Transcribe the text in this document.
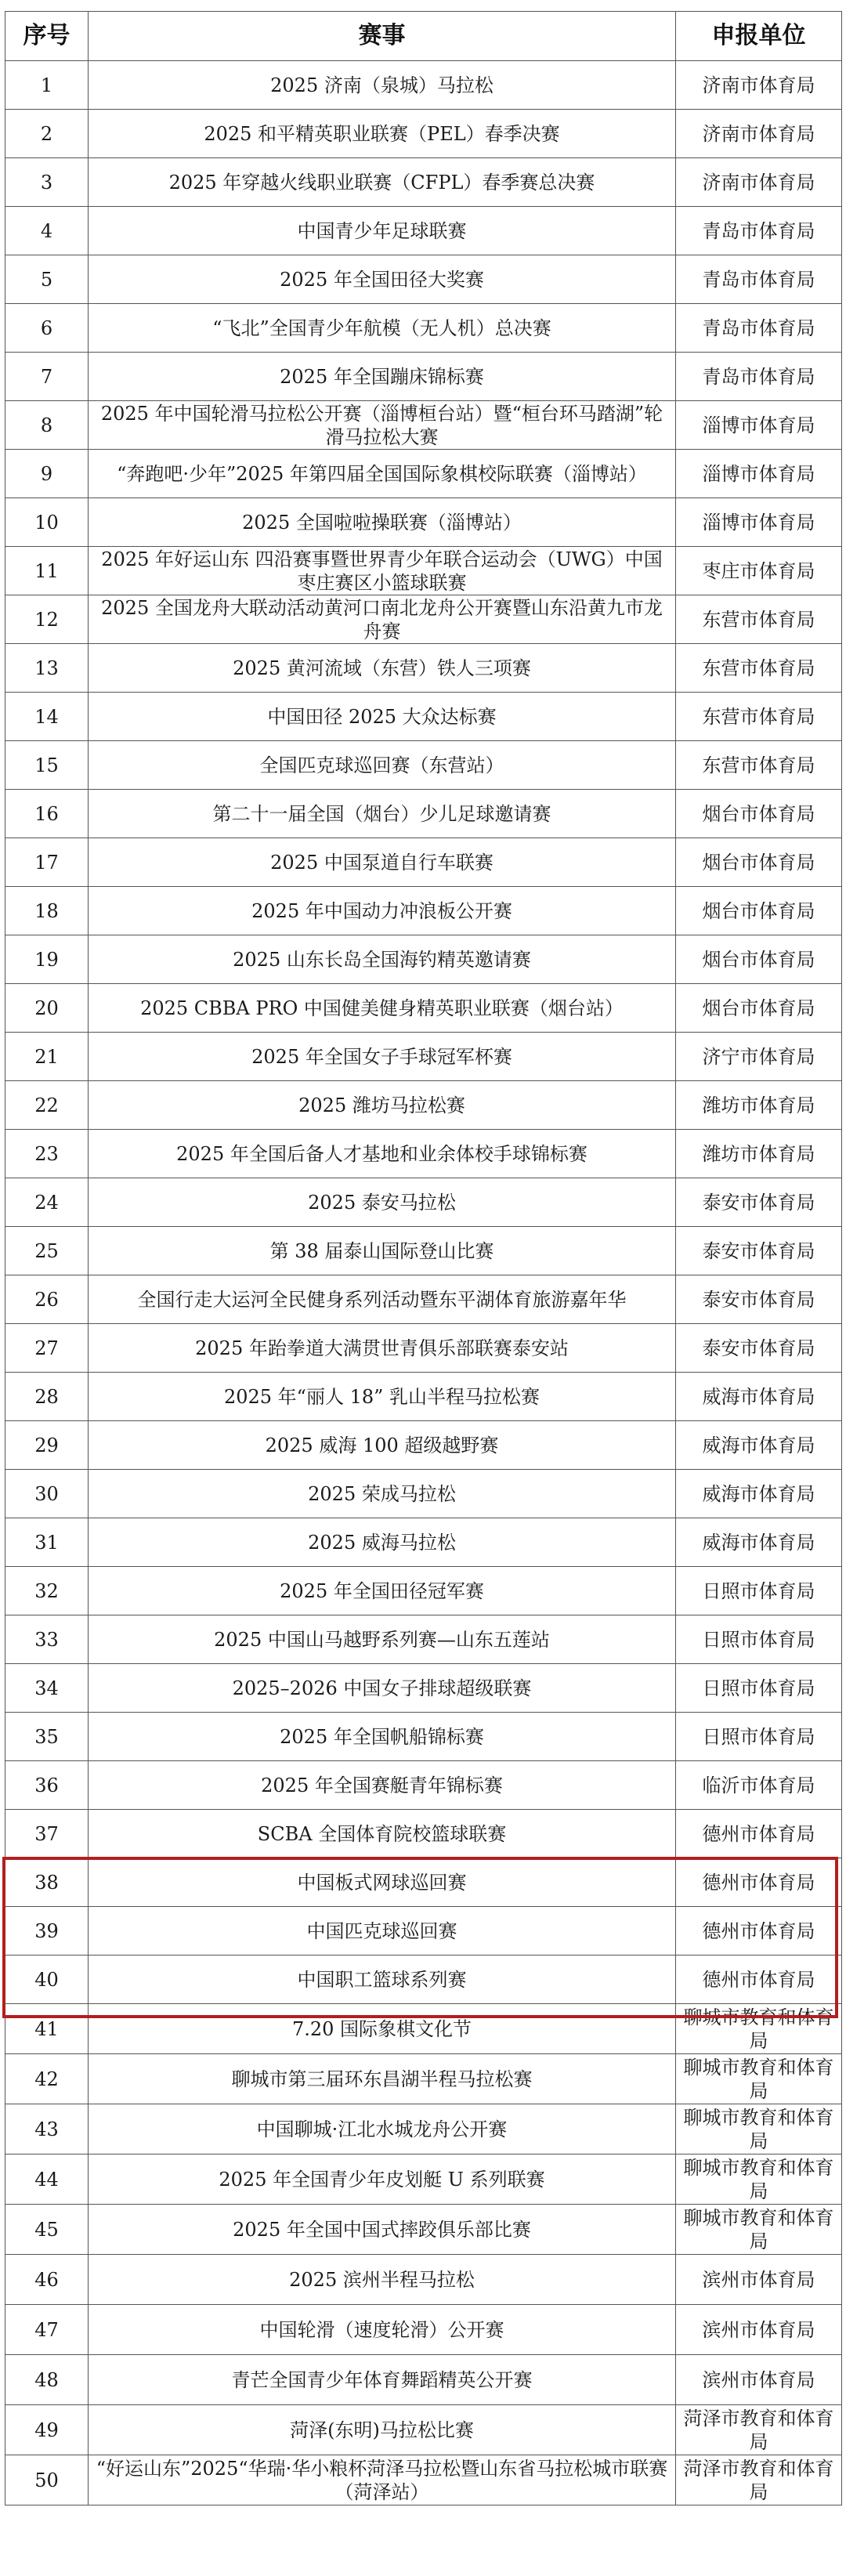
序号	赛事	申报单位
1	2025 济南（泉城）马拉松	济南市体育局
2	2025 和平精英职业联赛（PEL）春季决赛	济南市体育局
3	2025 年穿越火线职业联赛（CFPL）春季赛总决赛	济南市体育局
4	中国青少年足球联赛	青岛市体育局
5	2025 年全国田径大奖赛	青岛市体育局
6	“飞北”全国青少年航模（无人机）总决赛	青岛市体育局
7	2025 年全国蹦床锦标赛	青岛市体育局
8	2025 年中国轮滑马拉松公开赛（淄博桓台站）暨“桓台环马踏湖”轮滑马拉松大赛	淄博市体育局
9	“奔跑吧·少年”2025 年第四届全国国际象棋校际联赛（淄博站）	淄博市体育局
10	2025 全国啦啦操联赛（淄博站）	淄博市体育局
11	2025 年好运山东 四沿赛事暨世界青少年联合运动会（UWG）中国枣庄赛区小篮球联赛	枣庄市体育局
12	2025 全国龙舟大联动活动黄河口南北龙舟公开赛暨山东沿黄九市龙舟赛	东营市体育局
13	2025 黄河流域（东营）铁人三项赛	东营市体育局
14	中国田径 2025 大众达标赛	东营市体育局
15	全国匹克球巡回赛（东营站）	东营市体育局
16	第二十一届全国（烟台）少儿足球邀请赛	烟台市体育局
17	2025 中国泵道自行车联赛	烟台市体育局
18	2025 年中国动力冲浪板公开赛	烟台市体育局
19	2025 山东长岛全国海钓精英邀请赛	烟台市体育局
20	2025 CBBA PRO 中国健美健身精英职业联赛（烟台站）	烟台市体育局
21	2025 年全国女子手球冠军杯赛	济宁市体育局
22	2025 潍坊马拉松赛	潍坊市体育局
23	2025 年全国后备人才基地和业余体校手球锦标赛	潍坊市体育局
24	2025 泰安马拉松	泰安市体育局
25	第 38 届泰山国际登山比赛	泰安市体育局
26	全国行走大运河全民健身系列活动暨东平湖体育旅游嘉年华	泰安市体育局
27	2025 年跆拳道大满贯世青俱乐部联赛泰安站	泰安市体育局
28	2025 年“丽人 18” 乳山半程马拉松赛	威海市体育局
29	2025 威海 100 超级越野赛	威海市体育局
30	2025 荣成马拉松	威海市体育局
31	2025 威海马拉松	威海市体育局
32	2025 年全国田径冠军赛	日照市体育局
33	2025 中国山马越野系列赛—山东五莲站	日照市体育局
34	2025–2026 中国女子排球超级联赛	日照市体育局
35	2025 年全国帆船锦标赛	日照市体育局
36	2025 年全国赛艇青年锦标赛	临沂市体育局
37	SCBA 全国体育院校篮球联赛	德州市体育局
38	中国板式网球巡回赛	德州市体育局
39	中国匹克球巡回赛	德州市体育局
40	中国职工篮球系列赛	德州市体育局
41	7.20 国际象棋文化节	聊城市教育和体育局
42	聊城市第三届环东昌湖半程马拉松赛	聊城市教育和体育局
43	中国聊城·江北水城龙舟公开赛	聊城市教育和体育局
44	2025 年全国青少年皮划艇 U 系列联赛	聊城市教育和体育局
45	2025 年全国中国式摔跤俱乐部比赛	聊城市教育和体育局
46	2025 滨州半程马拉松	滨州市体育局
47	中国轮滑（速度轮滑）公开赛	滨州市体育局
48	青芒全国青少年体育舞蹈精英公开赛	滨州市体育局
49	菏泽(东明)马拉松比赛	菏泽市教育和体育局
50	“好运山东”2025“华瑞·华小粮杯菏泽马拉松暨山东省马拉松城市联赛（菏泽站）	菏泽市教育和体育局
